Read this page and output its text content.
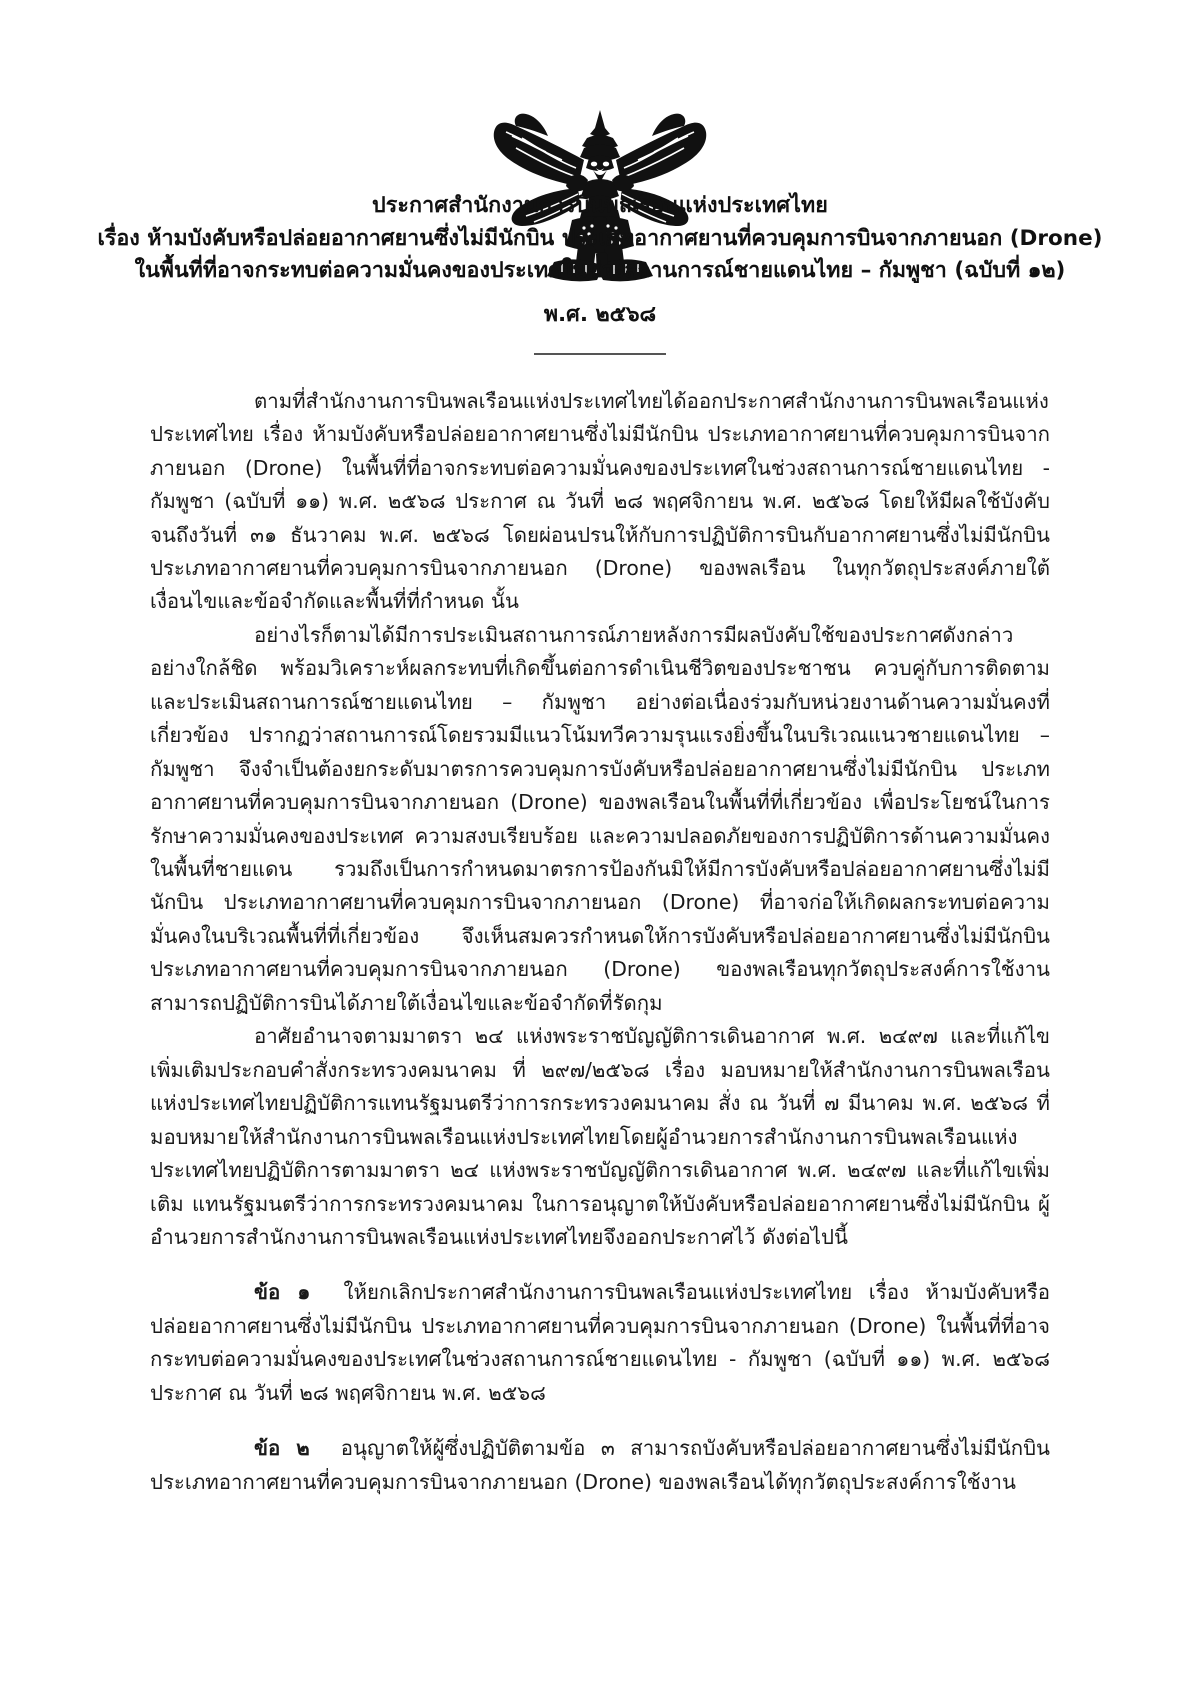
ประกาศสำนักงานการบินพลเรือนแห่งประเทศไทย
เรื่อง ห้ามบังคับหรือปล่อยอากาศยานซึ่งไม่มีนักบิน ประเภทอากาศยานที่ควบคุมการบินจากภายนอก (Drone)
ในพื้นที่ที่อาจกระทบต่อความมั่นคงของประเทศในช่วงสถานการณ์ชายแดนไทย – กัมพูชา (ฉบับที่ ๑๒)
พ.ศ. ๒๕๖๘

ตามที่สำนักงานการบินพลเรือนแห่งประเทศไทยได้ออกประกาศสำนักงานการบินพลเรือนแห่งประเทศไทย เรื่อง ห้ามบังคับหรือปล่อยอากาศยานซึ่งไม่มีนักบิน ประเภทอากาศยานที่ควบคุมการบินจากภายนอก (Drone) ในพื้นที่ที่อาจกระทบต่อความมั่นคงของประเทศในช่วงสถานการณ์ชายแดนไทย - กัมพูชา (ฉบับที่ ๑๑) พ.ศ. ๒๕๖๘ ประกาศ ณ วันที่ ๒๘ พฤศจิกายน พ.ศ. ๒๕๖๘ โดยให้มีผลใช้บังคับจนถึงวันที่ ๓๑ ธันวาคม พ.ศ. ๒๕๖๘ โดยผ่อนปรนให้กับการปฏิบัติการบินกับอากาศยานซึ่งไม่มีนักบิน ประเภทอากาศยานที่ควบคุมการบินจากภายนอก (Drone) ของพลเรือน ในทุกวัตถุประสงค์ภายใต้เงื่อนไขและข้อจำกัดและพื้นที่ที่กำหนด นั้น

อย่างไรก็ตามได้มีการประเมินสถานการณ์ภายหลังการมีผลบังคับใช้ของประกาศดังกล่าวอย่างใกล้ชิด พร้อมวิเคราะห์ผลกระทบที่เกิดขึ้นต่อการดำเนินชีวิตของประชาชน ควบคู่กับการติดตามและประเมินสถานการณ์ชายแดนไทย – กัมพูชา อย่างต่อเนื่องร่วมกับหน่วยงานด้านความมั่นคงที่เกี่ยวข้อง ปรากฏว่าสถานการณ์โดยรวมมีแนวโน้มทวีความรุนแรงยิ่งขึ้นในบริเวณแนวชายแดนไทย – กัมพูชา จึงจำเป็นต้องยกระดับมาตรการควบคุมการบังคับหรือปล่อยอากาศยานซึ่งไม่มีนักบิน ประเภทอากาศยานที่ควบคุมการบินจากภายนอก (Drone) ของพลเรือนในพื้นที่ที่เกี่ยวข้อง เพื่อประโยชน์ในการรักษาความมั่นคงของประเทศ ความสงบเรียบร้อย และความปลอดภัยของการปฏิบัติการด้านความมั่นคงในพื้นที่ชายแดน รวมถึงเป็นการกำหนดมาตรการป้องกันมิให้มีการบังคับหรือปล่อยอากาศยานซึ่งไม่มีนักบิน ประเภทอากาศยานที่ควบคุมการบินจากภายนอก (Drone) ที่อาจก่อให้เกิดผลกระทบต่อความมั่นคงในบริเวณพื้นที่ที่เกี่ยวข้อง จึงเห็นสมควรกำหนดให้การบังคับหรือปล่อยอากาศยานซึ่งไม่มีนักบิน ประเภทอากาศยานที่ควบคุมการบินจากภายนอก (Drone) ของพลเรือนทุกวัตถุประสงค์การใช้งานสามารถปฏิบัติการบินได้ภายใต้เงื่อนไขและข้อจำกัดที่รัดกุม

อาศัยอำนาจตามมาตรา ๒๔ แห่งพระราชบัญญัติการเดินอากาศ พ.ศ. ๒๔๙๗ และที่แก้ไขเพิ่มเติมประกอบคำสั่งกระทรวงคมนาคม ที่ ๒๙๗/๒๕๖๘ เรื่อง มอบหมายให้สำนักงานการบินพลเรือนแห่งประเทศไทยปฏิบัติการแทนรัฐมนตรีว่าการกระทรวงคมนาคม สั่ง ณ วันที่ ๗ มีนาคม พ.ศ. ๒๕๖๘ ที่มอบหมายให้สำนักงานการบินพลเรือนแห่งประเทศไทยโดยผู้อำนวยการสำนักงานการบินพลเรือนแห่งประเทศไทยปฏิบัติการตามมาตรา ๒๔ แห่งพระราชบัญญัติการเดินอากาศ พ.ศ. ๒๔๙๗ และที่แก้ไขเพิ่มเติม แทนรัฐมนตรีว่าการกระทรวงคมนาคม ในการอนุญาตให้บังคับหรือปล่อยอากาศยานซึ่งไม่มีนักบิน ผู้อำนวยการสำนักงานการบินพลเรือนแห่งประเทศไทยจึงออกประกาศไว้ ดังต่อไปนี้

ข้อ ๑ ให้ยกเลิกประกาศสำนักงานการบินพลเรือนแห่งประเทศไทย เรื่อง ห้ามบังคับหรือปล่อยอากาศยานซึ่งไม่มีนักบิน ประเภทอากาศยานที่ควบคุมการบินจากภายนอก (Drone) ในพื้นที่ที่อาจกระทบต่อความมั่นคงของประเทศในช่วงสถานการณ์ชายแดนไทย - กัมพูชา (ฉบับที่ ๑๑) พ.ศ. ๒๕๖๘ ประกาศ ณ วันที่ ๒๘ พฤศจิกายน พ.ศ. ๒๕๖๘

ข้อ ๒ อนุญาตให้ผู้ซึ่งปฏิบัติตามข้อ ๓ สามารถบังคับหรือปล่อยอากาศยานซึ่งไม่มีนักบิน ประเภทอากาศยานที่ควบคุมการบินจากภายนอก (Drone) ของพลเรือนได้ทุกวัตถุประสงค์การใช้งาน
